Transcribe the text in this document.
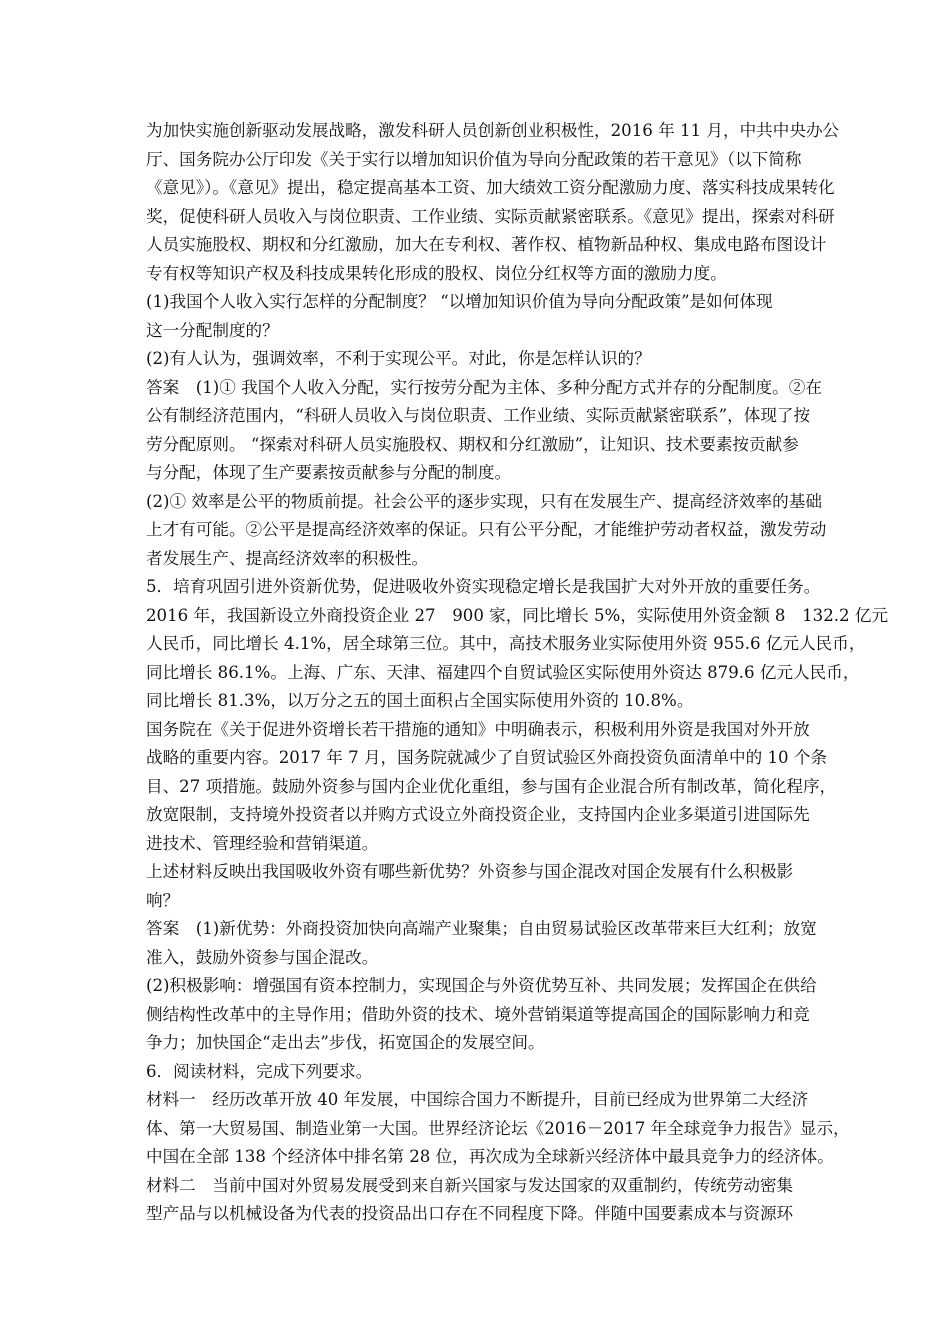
为加快实施创新驱动发展战略，激发科研人员创新创业积极性，2016 年 11 月，中共中央办公
厅、国务院办公厅印发《关于实行以增加知识价值为导向分配政策的若干意见》（以下简称
《意见》）。《意见》提出，稳定提高基本工资、加大绩效工资分配激励力度、落实科技成果转化
奖，促使科研人员收入与岗位职责、工作业绩、实际贡献紧密联系。《意见》提出，探索对科研
人员实施股权、期权和分红激励，加大在专利权、著作权、植物新品种权、集成电路布图设计
专有权等知识产权及科技成果转化形成的股权、岗位分红权等方面的激励力度。
(1)我国个人收入实行怎样的分配制度？ “以增加知识价值为导向分配政策”是如何体现
这一分配制度的？
(2)有人认为，强调效率，不利于实现公平。对此，你是怎样认识的？
答案　(1)① 我国个人收入分配，实行按劳分配为主体、多种分配方式并存的分配制度。②在
公有制经济范围内，“科研人员收入与岗位职责、工作业绩、实际贡献紧密联系”，体现了按
劳分配原则。 “探索对科研人员实施股权、期权和分红激励”，让知识、技术要素按贡献参
与分配，体现了生产要素按贡献参与分配的制度。
(2)① 效率是公平的物质前提。社会公平的逐步实现，只有在发展生产、提高经济效率的基础
上才有可能。②公平是提高经济效率的保证。只有公平分配，才能维护劳动者权益，激发劳动
者发展生产、提高经济效率的积极性。
5．培育巩固引进外资新优势，促进吸收外资实现稳定增长是我国扩大对外开放的重要任务。
2016 年，我国新设立外商投资企业 27　900 家，同比增长 5%，实际使用外资金额 8　132.2 亿元
人民币，同比增长 4.1%，居全球第三位。其中，高技术服务业实际使用外资 955.6 亿元人民币，
同比增长 86.1%。上海、广东、天津、福建四个自贸试验区实际使用外资达 879.6 亿元人民币，
同比增长 81.3%，以万分之五的国土面积占全国实际使用外资的 10.8%。
国务院在《关于促进外资增长若干措施的通知》中明确表示，积极利用外资是我国对外开放
战略的重要内容。2017 年 7 月，国务院就减少了自贸试验区外商投资负面清单中的 10 个条
目、27 项措施。鼓励外资参与国内企业优化重组，参与国有企业混合所有制改革，简化程序，
放宽限制，支持境外投资者以并购方式设立外商投资企业，支持国内企业多渠道引进国际先
进技术、管理经验和营销渠道。
上述材料反映出我国吸收外资有哪些新优势？外资参与国企混改对国企发展有什么积极影
响？
答案　(1)新优势：外商投资加快向高端产业聚集；自由贸易试验区改革带来巨大红利；放宽
准入，鼓励外资参与国企混改。
(2)积极影响：增强国有资本控制力，实现国企与外资优势互补、共同发展；发挥国企在供给
侧结构性改革中的主导作用；借助外资的技术、境外营销渠道等提高国企的国际影响力和竞
争力；加快国企“走出去”步伐，拓宽国企的发展空间。
6．阅读材料，完成下列要求。
材料一　经历改革开放 40 年发展，中国综合国力不断提升，目前已经成为世界第二大经济
体、第一大贸易国、制造业第一大国。世界经济论坛《2016－2017 年全球竞争力报告》显示，
中国在全部 138 个经济体中排名第 28 位，再次成为全球新兴经济体中最具竞争力的经济体。
材料二　当前中国对外贸易发展受到来自新兴国家与发达国家的双重制约，传统劳动密集
型产品与以机械设备为代表的投资品出口存在不同程度下降。伴随中国要素成本与资源环
